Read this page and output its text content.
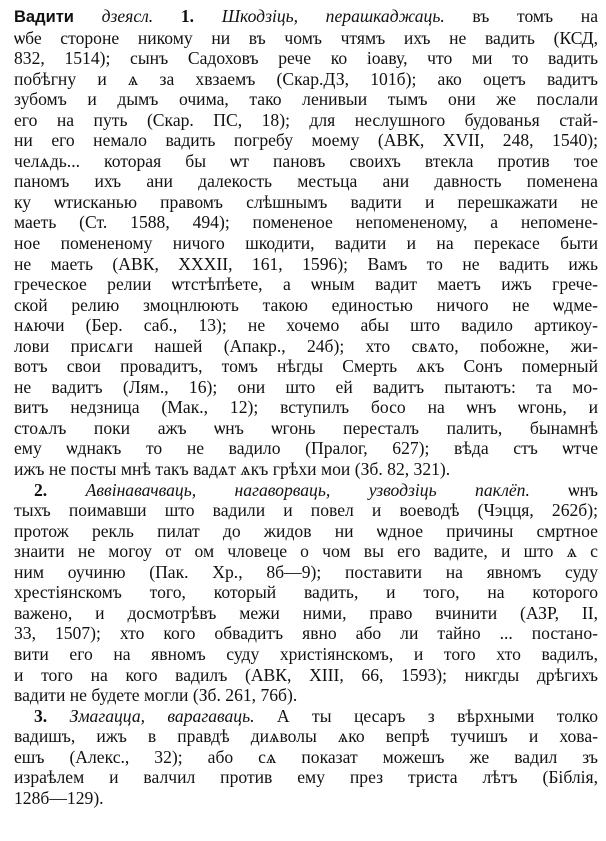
Вадити дзеясл. 1. Шкодзіць, перашкаджаць. въ томъ на
ѡбе стороне никому ни въ чомъ чтямъ ихъ не вадить (КСД,
832, 1514); сынъ Садоховъ рече ко іоаву, что ми то вадить
побѣгну и ѧ за хвзаемъ (Скар.ДЗ, 101б); ако оцетъ вадитъ
зубомъ и дымъ очима, тако ленивыи тымъ они же послали
его на путь (Скар. ПС, 18); для неслушного будованья стай-
ни его немало вадить погребу моему (АВК, XVII, 248, 1540);
челѧдь... которая бы ѡт пановъ своихъ втекла против тое
паномъ ихъ ани далекость местьца ани давность поменена
ку ѡтисканью правомъ слѣшнымъ вадити и перешкажати не
маеть (Ст. 1588, 494); помененое непомененому, а непомене-
ное помененому ничого шкодити, вадити и на перекасе быти
не маеть (АВК, XXXII, 161, 1596); Вамъ то не вадить ижь
греческое релии ѡтстѣпѣете, а ѡным вадит маетъ ижъ грече-
ской релию змоцнлюють такою единостью ничого не ѡдме-
нѧючи (Бер. саб., 13); не хочемо абы што вадило артикоу-
лови присѧги нашей (Апакр., 24б); хто свѧто, побожне, жи-
вотъ свои провадитъ, томъ нѣгды Смерть ѧкъ Сонъ померный
не вадитъ (Лям., 16); они што ей вадитъ пытаютъ: та мо-
витъ недзница (Мак., 12); вступилъ босо на ѡнъ ѡгонь, и
стоѧлъ поки ажъ ѡнъ ѡгонь пересталъ палить, бынамнѣ
ему ѡднакъ то не вадило (Пралог, 627); вѣда стъ ѡтче
ижъ не посты мнѣ такъ вадѧт ѧкъ грѣхи мои (Зб. 82, 321).
2. Аввінавачваць, нагаворваць, узводзіць паклёп. ѡнъ
тыхъ поимавши што вадили и повел и воеводѣ (Чэцця, 262б);
протож рекль пилат до жидов ни ѡдное причины смртное
знаити не могоу от ом чловеце о чом вы его вадите, и што ѧ с
ним оучиню (Пак. Хр., 8б—9); поставити на явномъ суду
хрестіянскомъ того, который вадить, и того, на которого
важено, и досмотрѣвъ межи ними, право вчинити (АЗР, II,
33, 1507); хто кого обвадитъ явно або ли тайно ... постано-
вити его на явномъ суду христіянскомъ, и того хто вадилъ,
и того на кого вадилъ (АВК, XIII, 66, 1593); никгды дрѣгихъ
вадити не будете могли (Зб. 261, 76б).
3. Змагацца, варагаваць. А ты цесаръ з вѣрхными толко
вадишъ, ижъ в правдѣ диѧволы ѧко вепрѣ тучишъ и хова-
ешъ (Алекс., 32); або сѧ показат можешъ же вадил зъ
израѣлем и валчил против ему през триста лѣтъ (Біблія,
128б—129).
